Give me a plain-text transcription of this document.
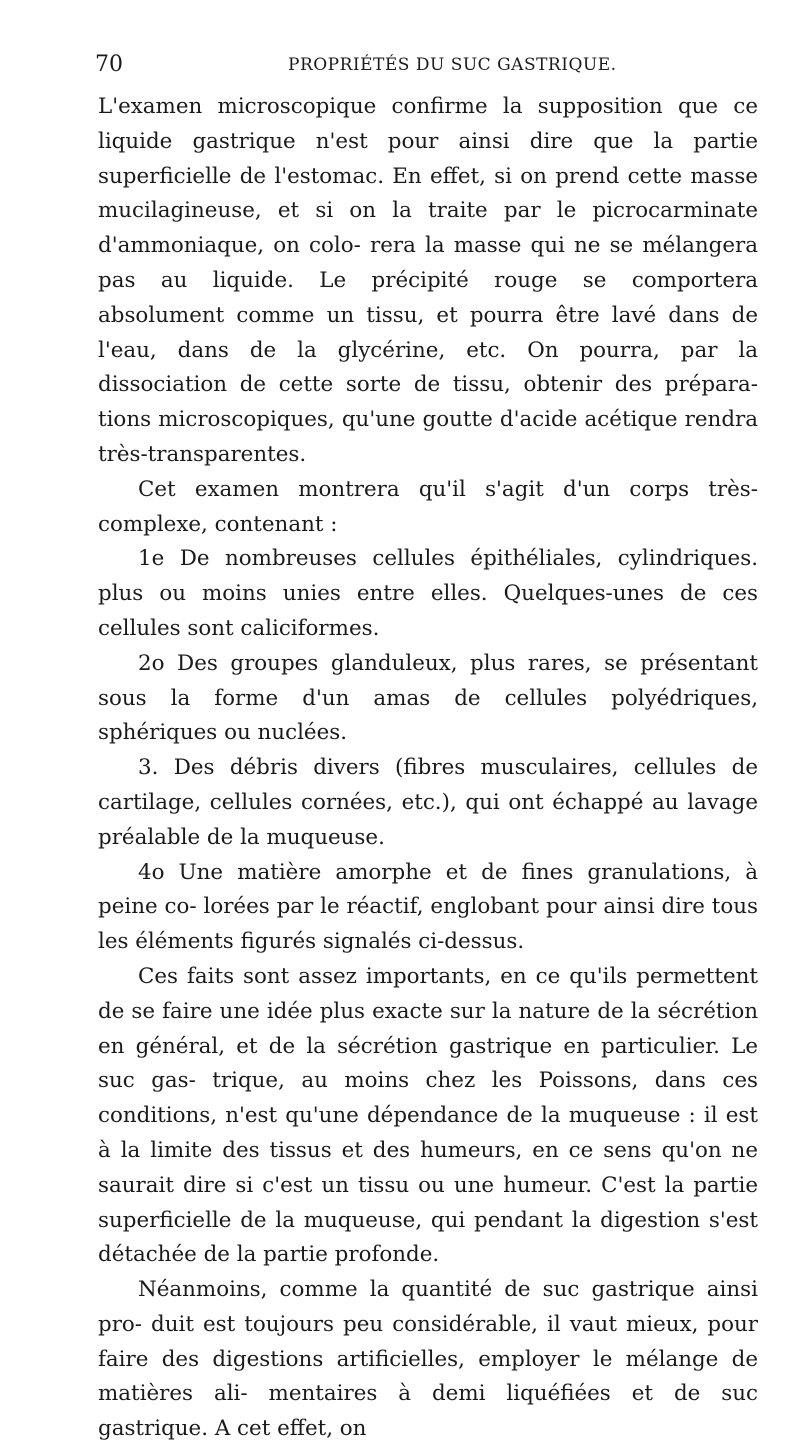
70	PROPRIÉTÉS DU SUC GASTRIQUE.

L'examen microscopique confirme la supposition que ce liquide gastrique n'est pour ainsi dire que la partie superficielle de l'estomac. En effet, si on prend cette masse mucilagineuse, et si on la traite par le picrocarminate d'ammoniaque, on colo- rera la masse qui ne se mélangera pas au liquide. Le précipité rouge se comportera absolument comme un tissu, et pourra être lavé dans de l'eau, dans de la glycérine, etc. On pourra, par la dissociation de cette sorte de tissu, obtenir des prépara- tions microscopiques, qu'une goutte d'acide acétique rendra très-transparentes.

Cet examen montrera qu'il s'agit d'un corps très-complexe, contenant :

1e De nombreuses cellules épithéliales, cylindriques. plus ou moins unies entre elles. Quelques-unes de ces cellules sont caliciformes.

2o Des groupes glanduleux, plus rares, se présentant sous la forme d'un amas de cellules polyédriques, sphériques ou nuclées.

3. Des débris divers (fibres musculaires, cellules de cartilage, cellules cornées, etc.), qui ont échappé au lavage préalable de la muqueuse.

4o Une matière amorphe et de fines granulations, à peine co- lorées par le réactif, englobant pour ainsi dire tous les éléments figurés signalés ci-dessus.

Ces faits sont assez importants, en ce qu'ils permettent de se faire une idée plus exacte sur la nature de la sécrétion en général, et de la sécrétion gastrique en particulier. Le suc gas- trique, au moins chez les Poissons, dans ces conditions, n'est qu'une dépendance de la muqueuse : il est à la limite des tissus et des humeurs, en ce sens qu'on ne saurait dire si c'est un tissu ou une humeur. C'est la partie superficielle de la muqueuse, qui pendant la digestion s'est détachée de la partie profonde.

Néanmoins, comme la quantité de suc gastrique ainsi pro- duit est toujours peu considérable, il vaut mieux, pour faire des digestions artificielles, employer le mélange de matières ali- mentaires à demi liquéfiées et de suc gastrique. A cet effet, on
